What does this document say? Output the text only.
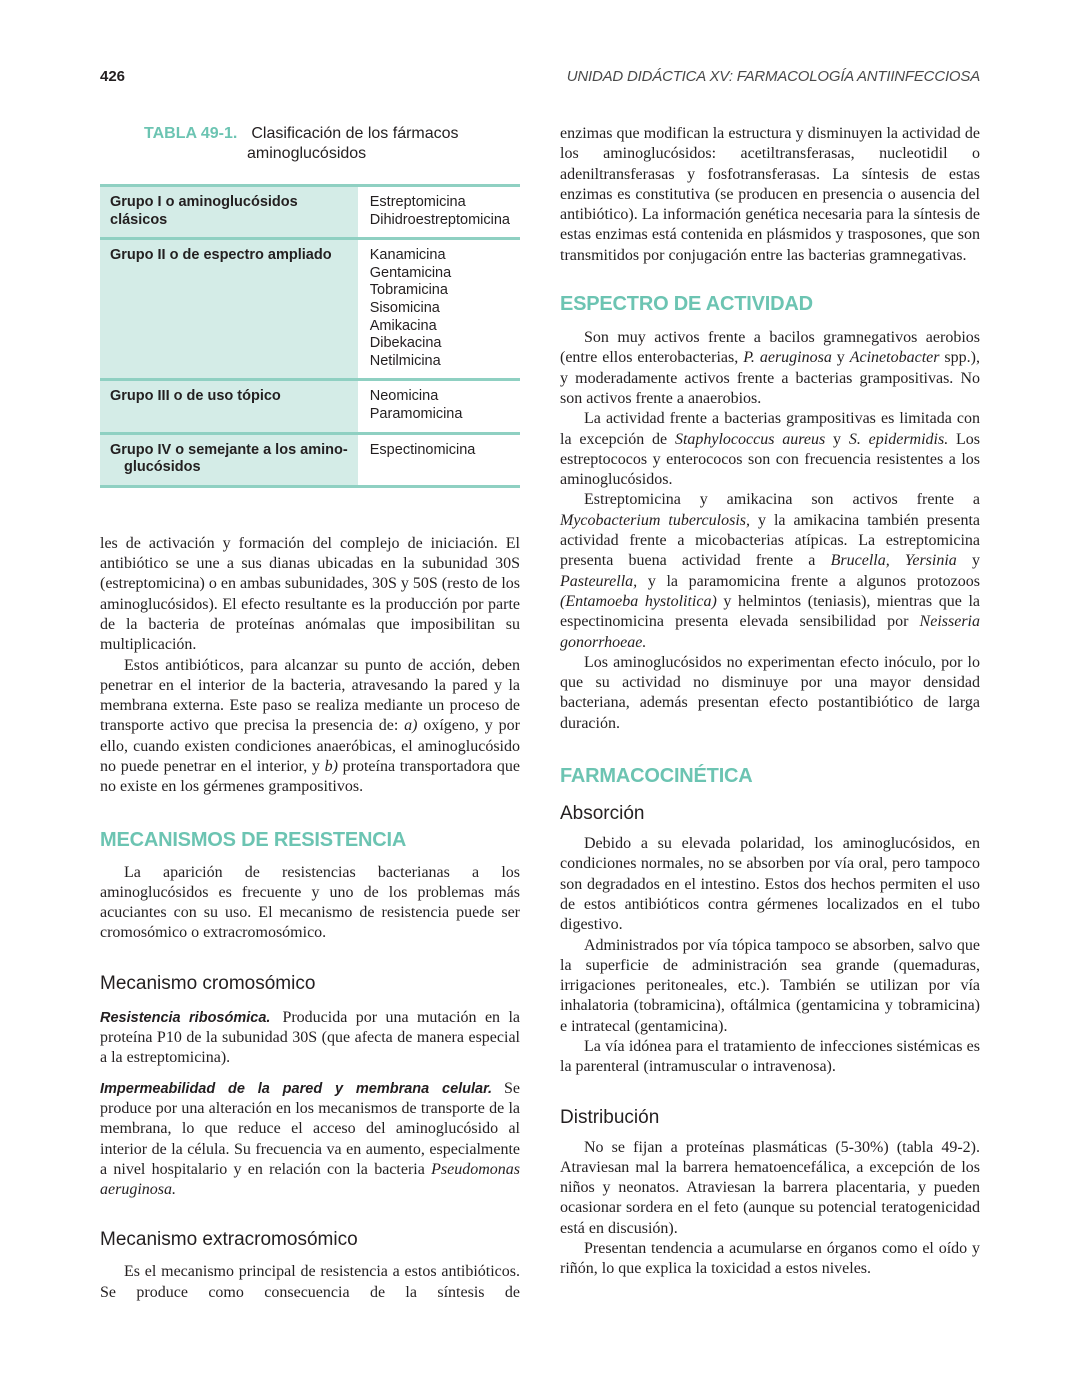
426	UNIDAD DIDÁCTICA XV: FARMACOLOGÍA ANTIINFECCIOSA
TABLA 49-1. Clasificación de los fármacos
aminoglucósidos
Grupo I o aminoglucósidos clásicos	Estreptomicina
Dihidroestreptomicina

Grupo II o de espectro ampliado	Kanamicina
Gentamicina
Tobramicina
Sisomicina
Amikacina
Dibekacina
Netilmicina

Grupo III o de uso tópico	Neomicina
Paramomicina

Grupo IV o semejante a los amino-
glucósidos	Espectinomicina

les de activación y formación del complejo de iniciación. El antibiótico se une a sus dianas ubicadas en la subunidad 30S (estreptomicina) o en ambas subunidades, 30S y 50S (resto de los aminoglucósidos). El efecto resultante es la producción por parte de la bacteria de proteínas anómalas que imposibilitan su multiplicación.

Estos antibióticos, para alcanzar su punto de acción, deben penetrar en el interior de la bacteria, atravesando la pared y la membrana externa. Este paso se realiza mediante un proceso de transporte activo que precisa la presencia de: a) oxígeno, y por ello, cuando existen condiciones anaeróbicas, el aminoglucósido no puede penetrar en el interior, y b) proteína transportadora que no existe en los gérmenes grampositivos.

MECANISMOS DE RESISTENCIA

La aparición de resistencias bacterianas a los aminoglucósidos es frecuente y uno de los problemas más acuciantes con su uso. El mecanismo de resistencia puede ser cromosómico o extracromosómico.

Mecanismo cromosómico

Resistencia ribosómica. Producida por una mutación en la proteína P10 de la subunidad 30S (que afecta de manera especial a la estreptomicina).

Impermeabilidad de la pared y membrana celular. Se produce por una alteración en los mecanismos de transporte de la membrana, lo que reduce el acceso del aminoglucósido al interior de la célula. Su frecuencia va en aumento, especialmente a nivel hospitalario y en relación con la bacteria Pseudomonas aeruginosa.

Mecanismo extracromosómico

Es el mecanismo principal de resistencia a estos antibióticos. Se produce como consecuencia de la síntesis de

enzimas que modifican la estructura y disminuyen la actividad de los aminoglucósidos: acetiltransferasas, nucleotidil o adeniltransferasas y fosfotransferasas. La síntesis de estas enzimas es constitutiva (se producen en presencia o ausencia del antibiótico). La información genética necesaria para la síntesis de estas enzimas está contenida en plásmidos y trasposones, que son transmitidos por conjugación entre las bacterias gramnegativas.

ESPECTRO DE ACTIVIDAD

Son muy activos frente a bacilos gramnegativos aerobios (entre ellos enterobacterias, P. aeruginosa y Acinetobacter spp.), y moderadamente activos frente a bacterias grampositivas. No son activos frente a anaerobios.

La actividad frente a bacterias grampositivas es limitada con la excepción de Staphylococcus aureus y S. epidermidis. Los estreptococos y enterococos son con frecuencia resistentes a los aminoglucósidos.

Estreptomicina y amikacina son activos frente a Mycobacterium tuberculosis, y la amikacina también presenta actividad frente a micobacterias atípicas. La estreptomicina presenta buena actividad frente a Brucella, Yersinia y Pasteurella, y la paramomicina frente a algunos protozoos (Entamoeba hystolitica) y helmintos (teniasis), mientras que la espectinomicina presenta elevada sensibilidad por Neisseria gonorrhoeae.

Los aminoglucósidos no experimentan efecto inóculo, por lo que su actividad no disminuye por una mayor densidad bacteriana, además presentan efecto postantibiótico de larga duración.

FARMACOCINÉTICA
Absorción

Debido a su elevada polaridad, los aminoglucósidos, en condiciones normales, no se absorben por vía oral, pero tampoco son degradados en el intestino. Estos dos hechos permiten el uso de estos antibióticos contra gérmenes localizados en el tubo digestivo.

Administrados por vía tópica tampoco se absorben, salvo que la superficie de administración sea grande (quemaduras, irrigaciones peritoneales, etc.). También se utilizan por vía inhalatoria (tobramicina), oftálmica (gentamicina y tobramicina) e intratecal (gentamicina).

La vía idónea para el tratamiento de infecciones sistémicas es la parenteral (intramuscular o intravenosa).

Distribución

No se fijan a proteínas plasmáticas (5-30%) (tabla 49-2). Atraviesan mal la barrera hematoencefálica, a excepción de los niños y neonatos. Atraviesan la barrera placentaria, y pueden ocasionar sordera en el feto (aunque su potencial teratogenicidad está en discusión).

Presentan tendencia a acumularse en órganos como el oído y riñón, lo que explica la toxicidad a estos niveles.
